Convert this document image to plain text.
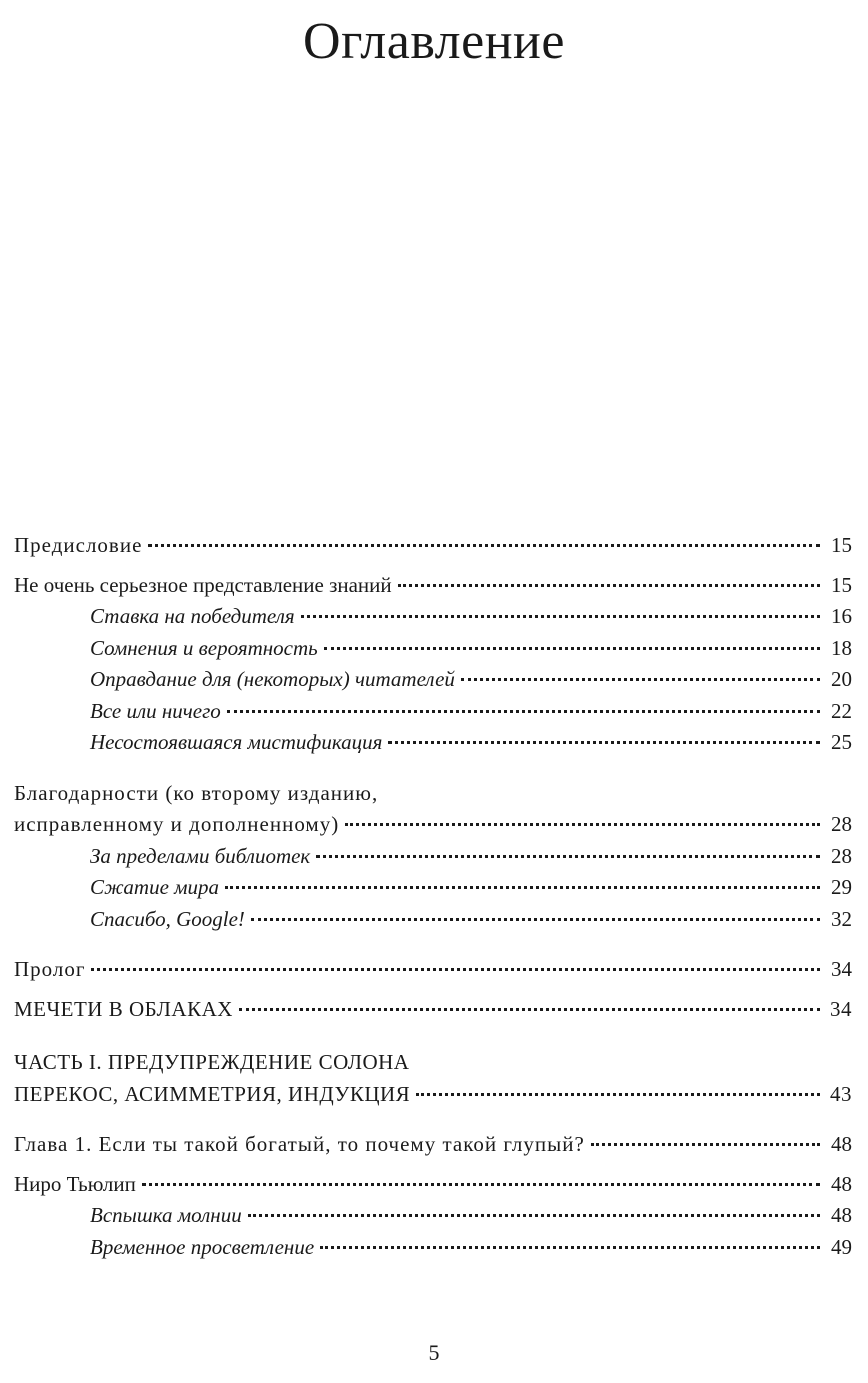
Оглавление
Предисловие	15
Не очень серьезное представление знаний	15
Ставка на победителя	16
Сомнения и вероятность	18
Оправдание для (некоторых) читателей	20
Все или ничего	22
Несостоявшаяся мистификация	25
Благодарности (ко второму изданию,
исправленному и дополненному)	28
За пределами библиотек	28
Сжатие мира	29
Спасибо, Google!	32
Пролог	34
МЕЧЕТИ В ОБЛАКАХ	34
ЧАСТЬ I. ПРЕДУПРЕЖДЕНИЕ СОЛОНА
ПЕРЕКОС, АСИММЕТРИЯ, ИНДУКЦИЯ	43
Глава 1. Если ты такой богатый, то почему такой глупый?	48
Ниро Тьюлип	48
Вспышка молнии	48
Временное просветление	49
5
